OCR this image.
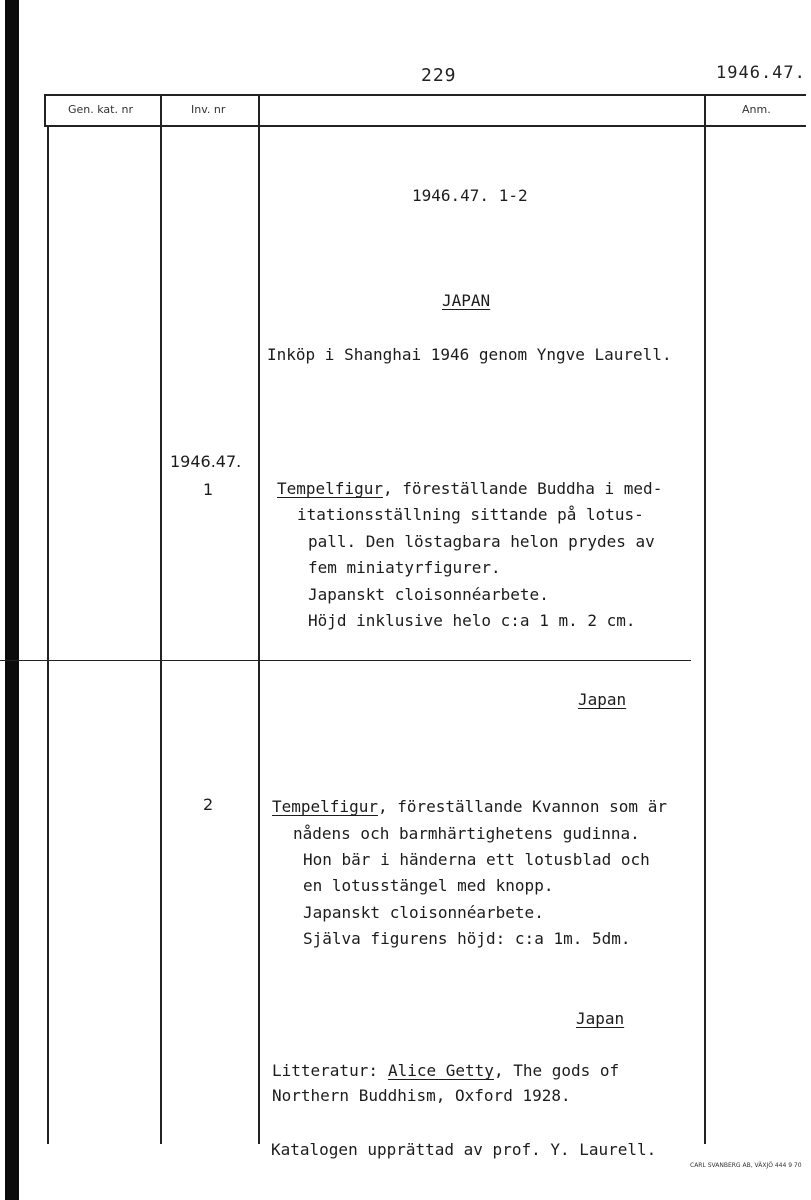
229	1946.47.
Gen. kat. nr	Inv. nr	Anm.
1946.47. 1-2
JAPAN
Inköp i Shanghai 1946 genom Yngve Laurell.
1946.47.
1	Tempelfigur, föreställande Buddha i med-
itationsställning sittande på lotus-
pall. Den löstagbara helon prydes av
fem miniatyrfigurer.
Japanskt cloisonnéarbete.
Höjd inklusive helo c:a 1 m. 2 cm.
Japan
2	Tempelfigur, föreställande Kvannon som är
nådens och barmhärtighetens gudinna.
Hon bär i händerna ett lotusblad och
en lotusstängel med knopp.
Japanskt cloisonnéarbete.
Själva figurens höjd: c:a 1m. 5dm.
Japan
Litteratur: Alice Getty, The gods of
Northern Buddhism, Oxford 1928.
Katalogen upprättad av prof. Y. Laurell.
CARL SVANBERG AB, VÄXJÖ 444 9 70
